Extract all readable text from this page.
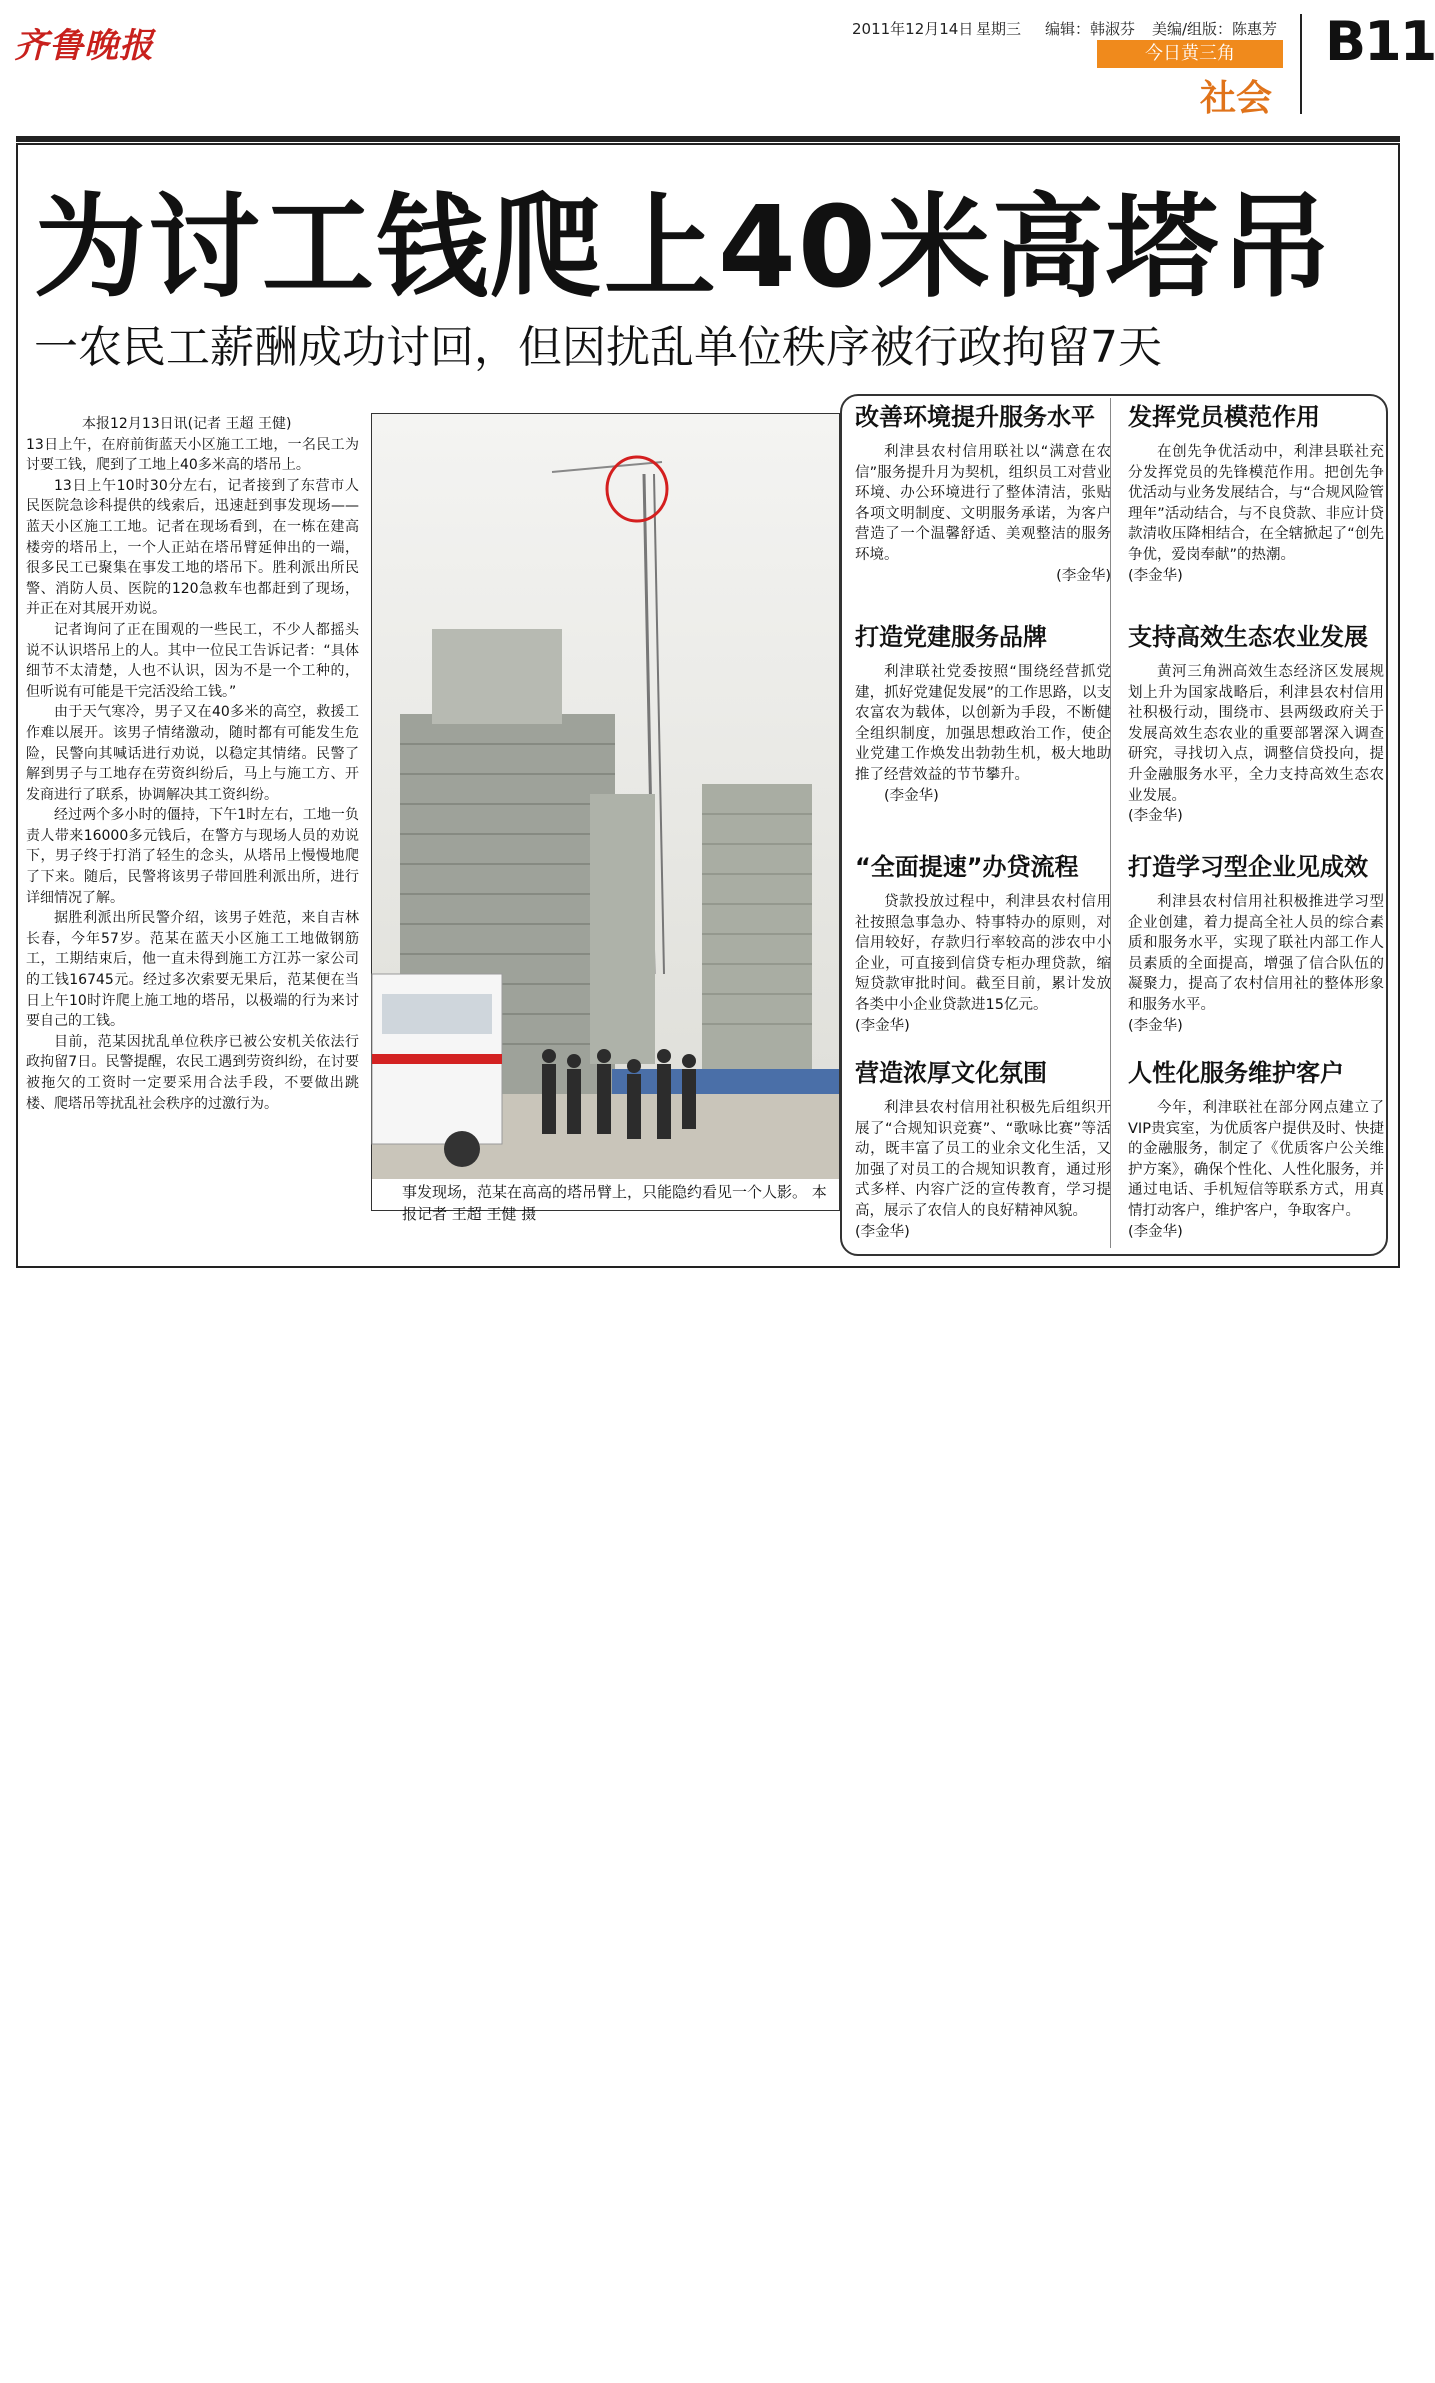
齐鲁晚报	2011年12月14日 星期三 编辑：韩淑芬 美编/组版：陈惠芳
今日黄三角
社会
B11
为讨工钱爬上40米高塔吊
一农民工薪酬成功讨回，但因扰乱单位秩序被行政拘留7天

本报12月13日讯(记者 王超 王健)

13日上午，在府前街蓝天小区施工工地，一名民工为讨要工钱，爬到了工地上40多米高的塔吊上。

13日上午10时30分左右，记者接到了东营市人民医院急诊科提供的线索后，迅速赶到事发现场——蓝天小区施工工地。记者在现场看到，在一栋在建高楼旁的塔吊上，一个人正站在塔吊臂延伸出的一端，很多民工已聚集在事发工地的塔吊下。胜利派出所民警、消防人员、医院的120急救车也都赶到了现场，并正在对其展开劝说。

记者询问了正在围观的一些民工，不少人都摇头说不认识塔吊上的人。其中一位民工告诉记者：“具体细节不太清楚，人也不认识，因为不是一个工种的，但听说有可能是干完活没给工钱。”

由于天气寒冷，男子又在40多米的高空，救援工作难以展开。该男子情绪激动，随时都有可能发生危险，民警向其喊话进行劝说，以稳定其情绪。民警了解到男子与工地存在劳资纠纷后，马上与施工方、开发商进行了联系，协调解决其工资纠纷。

经过两个多小时的僵持，下午1时左右，工地一负责人带来16000多元钱后，在警方与现场人员的劝说下，男子终于打消了轻生的念头，从塔吊上慢慢地爬了下来。随后，民警将该男子带回胜利派出所，进行详细情况了解。

据胜利派出所民警介绍，该男子姓范，来自吉林长春，今年57岁。范某在蓝天小区施工工地做钢筋工，工期结束后，他一直未得到施工方江苏一家公司的工钱16745元。经过多次索要无果后，范某便在当日上午10时许爬上施工地的塔吊，以极端的行为来讨要自己的工钱。

目前，范某因扰乱单位秩序已被公安机关依法行政拘留7日。民警提醒，农民工遇到劳资纠纷，在讨要被拖欠的工资时一定要采用合法手段，不要做出跳楼、爬塔吊等扰乱社会秩序的过激行为。

事发现场，范某在高高的塔吊臂上，只能隐约看见一个人影。 本报记者 王超 王健 摄
改善环境提升服务水平

利津县农村信用联社以“满意在农信”服务提升月为契机，组织员工对营业环境、办公环境进行了整体清洁，张贴各项文明制度、文明服务承诺，为客户营造了一个温馨舒适、美观整洁的服务环境。

(李金华)
发挥党员模范作用

在创先争优活动中，利津县联社充分发挥党员的先锋模范作用。把创先争优活动与业务发展结合，与“合规风险管理年”活动结合，与不良贷款、非应计贷款清收压降相结合，在全辖掀起了“创先争优，爱岗奉献”的热潮。

(李金华)
打造党建服务品牌

利津联社党委按照“围绕经营抓党建，抓好党建促发展”的工作思路，以支农富农为载体，以创新为手段，不断健全组织制度，加强思想政治工作，使企业党建工作焕发出勃勃生机，极大地助推了经营效益的节节攀升。

(李金华)
支持高效生态农业发展

黄河三角洲高效生态经济区发展规划上升为国家战略后，利津县农村信用社积极行动，围绕市、县两级政府关于发展高效生态农业的重要部署深入调查研究，寻找切入点，调整信贷投向，提升金融服务水平，全力支持高效生态农业发展。

(李金华)
“全面提速”办贷流程

贷款投放过程中，利津县农村信用社按照急事急办、特事特办的原则，对信用较好，存款归行率较高的涉农中小企业，可直接到信贷专柜办理贷款，缩短贷款审批时间。截至目前，累计发放各类中小企业贷款进15亿元。

(李金华)
打造学习型企业见成效

利津县农村信用社积极推进学习型企业创建，着力提高全社人员的综合素质和服务水平，实现了联社内部工作人员素质的全面提高，增强了信合队伍的凝聚力，提高了农村信用社的整体形象和服务水平。

(李金华)
营造浓厚文化氛围

利津县农村信用社积极先后组织开展了“合规知识竞赛”、“歌咏比赛”等活动，既丰富了员工的业余文化生活，又加强了对员工的合规知识教育，通过形式多样、内容广泛的宣传教育，学习提高，展示了农信人的良好精神风貌。

(李金华)
人性化服务维护客户

今年，利津联社在部分网点建立了VIP贵宾室，为优质客户提供及时、快捷的金融服务，制定了《优质客户公关维护方案》，确保个性化、人性化服务，并通过电话、手机短信等联系方式，用真情打动客户，维护客户，争取客户。

(李金华)
